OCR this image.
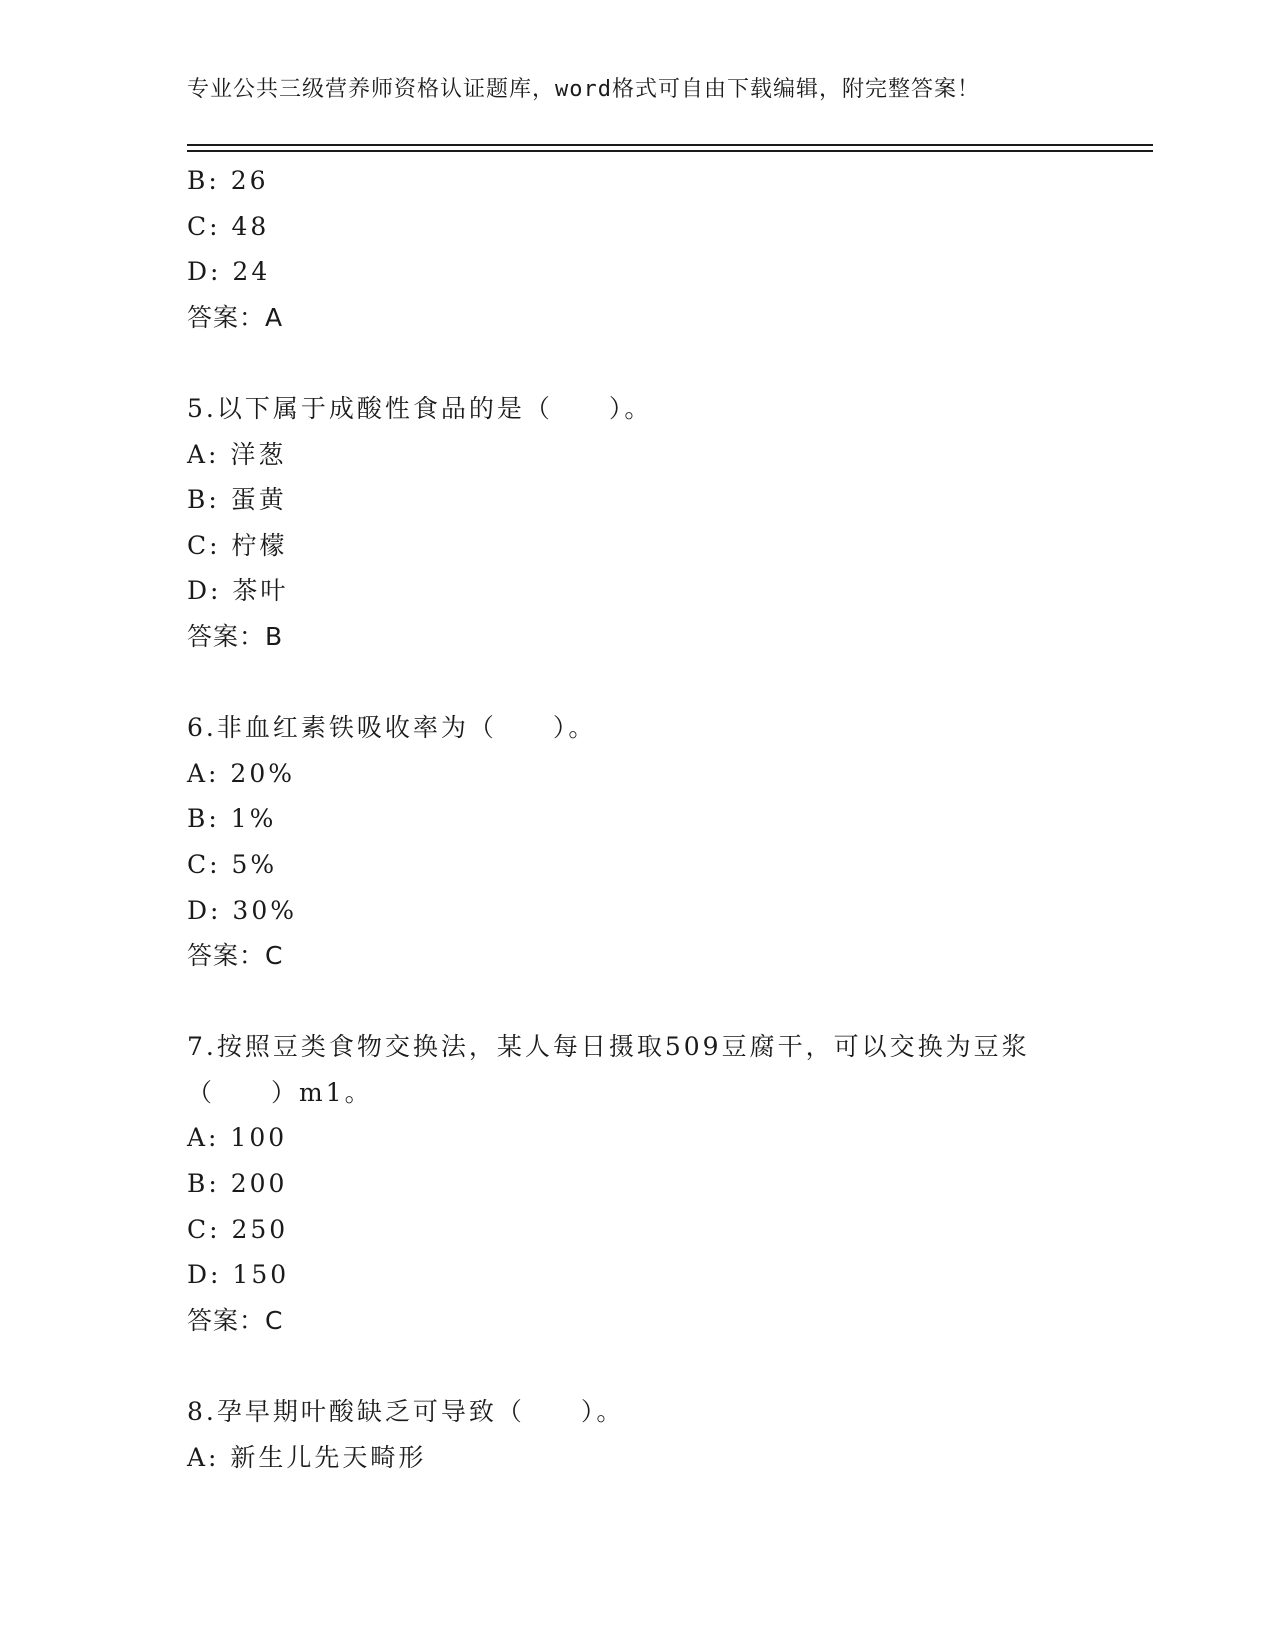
专业公共三级营养师资格认证题库，word格式可自由下载编辑，附完整答案！
B: 26
C: 48
D: 24
答案：A
5.以下属于成酸性食品的是（　　）。
A: 洋葱
B: 蛋黄
C: 柠檬
D: 茶叶
答案：B
6.非血红素铁吸收率为（　　）。
A: 20%
B: 1%
C: 5%
D: 30%
答案：C
7.按照豆类食物交换法，某人每日摄取509豆腐干，可以交换为豆浆
（　　）m1。
A: 100
B: 200
C: 250
D: 150
答案：C
8.孕早期叶酸缺乏可导致（　　）。
A: 新生儿先天畸形
